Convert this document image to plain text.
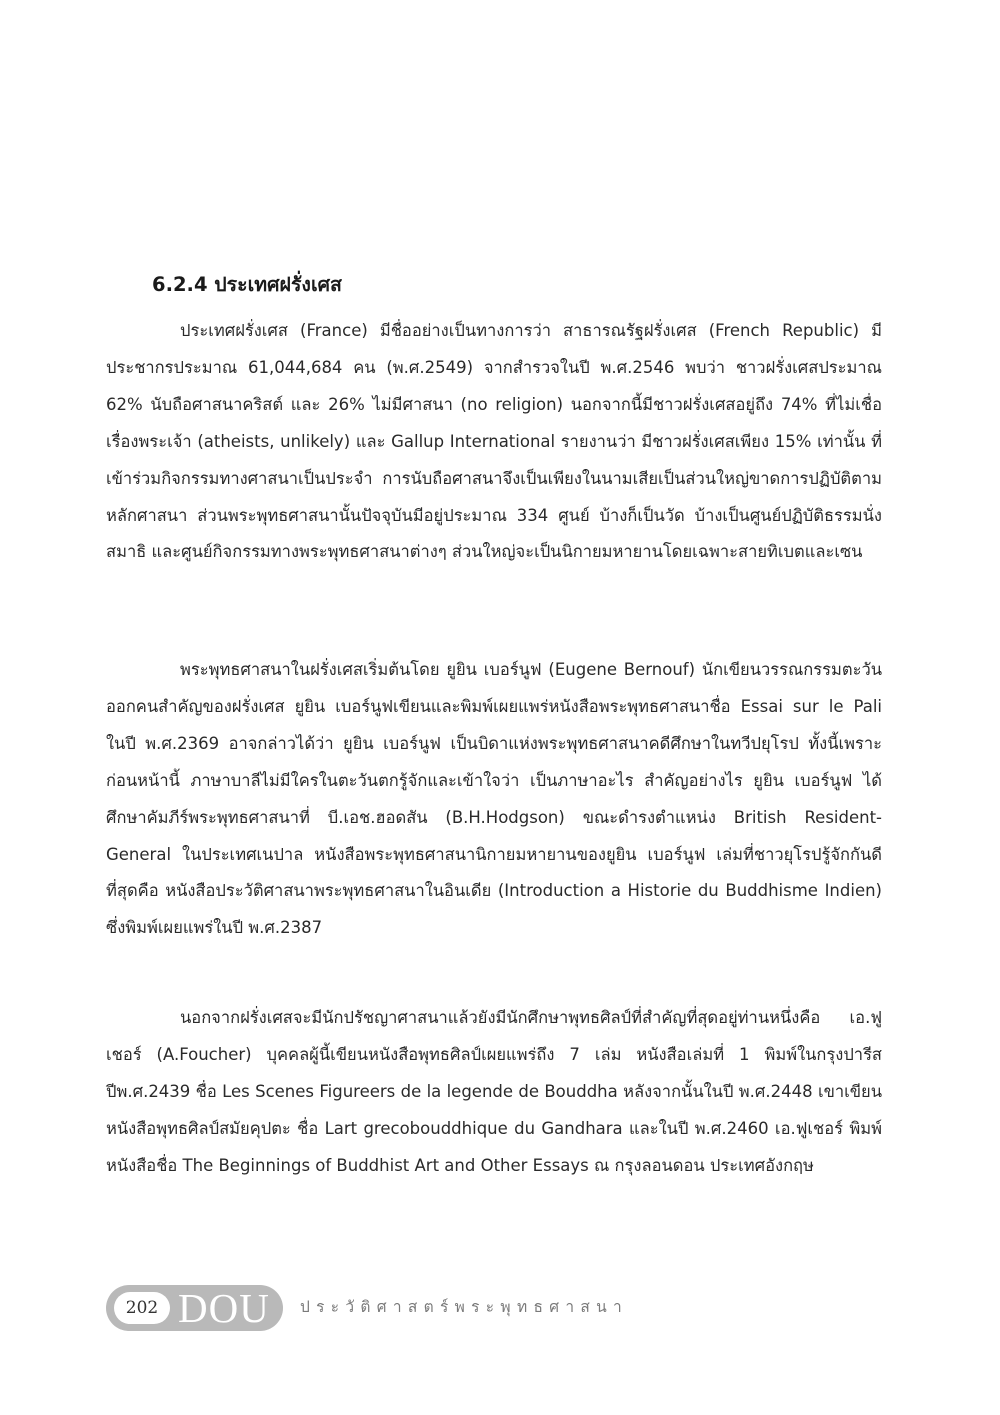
6.2.4 ประเทศฝรั่งเศส

ประเทศฝรั่งเศส (France) มีชื่ออย่างเป็นทางการว่า สาธารณรัฐฝรั่งเศส (French Republic) มีประชากรประมาณ 61,044,684 คน (พ.ศ.2549) จากสำรวจในปี พ.ศ.2546 พบว่า ชาวฝรั่งเศสประมาณ 62% นับถือศาสนาคริสต์ และ 26% ไม่มีศาสนา (no religion) นอกจากนี้มีชาวฝรั่งเศสอยู่ถึง 74% ที่ไม่เชื่อเรื่องพระเจ้า (atheists, unlikely) และ Gallup International รายงานว่า มีชาวฝรั่งเศสเพียง 15% เท่านั้น ที่เข้าร่วมกิจกรรมทางศาสนาเป็นประจำ การนับถือศาสนาจึงเป็นเพียงในนามเสียเป็นส่วนใหญ่ขาดการปฏิบัติตามหลักศาสนา ส่วนพระพุทธศาสนานั้นปัจจุบันมีอยู่ประมาณ 334 ศูนย์ บ้างก็เป็นวัด บ้างเป็นศูนย์ปฏิบัติธรรมนั่งสมาธิ และศูนย์กิจกรรมทางพระพุทธศาสนาต่างๆ ส่วนใหญ่จะเป็นนิกายมหายานโดยเฉพาะสายทิเบตและเซน

พระพุทธศาสนาในฝรั่งเศสเริ่มต้นโดย ยูยิน เบอร์นูฟ (Eugene Bernouf) นักเขียนวรรณกรรมตะวันออกคนสำคัญของฝรั่งเศส ยูยิน เบอร์นูฟเขียนและพิมพ์เผยแพร่หนังสือพระพุทธศาสนาชื่อ Essai sur le Pali ในปี พ.ศ.2369 อาจกล่าวได้ว่า ยูยิน เบอร์นูฟ เป็นบิดาแห่งพระพุทธศาสนาคดีศึกษาในทวีปยุโรป ทั้งนี้เพราะก่อนหน้านี้ ภาษาบาลีไม่มีใครในตะวันตกรู้จักและเข้าใจว่า เป็นภาษาอะไร สำคัญอย่างไร ยูยิน เบอร์นูฟ ได้ศึกษาคัมภีร์พระพุทธศาสนาที่ บี.เอช.ฮอดสัน (B.H.Hodgson) ขณะดำรงตำแหน่ง British Resident-General ในประเทศเนปาล หนังสือพระพุทธศาสนานิกายมหายานของยูยิน เบอร์นูฟ เล่มที่ชาวยุโรปรู้จักกันดีที่สุดคือ หนังสือประวัติศาสนาพระพุทธศาสนาในอินเดีย (Introduction a Historie du Buddhisme Indien) ซึ่งพิมพ์เผยแพร่ในปี พ.ศ.2387

นอกจากฝรั่งเศสจะมีนักปรัชญาศาสนาแล้วยังมีนักศึกษาพุทธศิลป์ที่สำคัญที่สุดอยู่ท่านหนึ่งคือ เอ.ฟูเชอร์ (A.Foucher) บุคคลผู้นี้เขียนหนังสือพุทธศิลป์เผยแพร่ถึง 7 เล่ม หนังสือเล่มที่ 1 พิมพ์ในกรุงปารีส ปีพ.ศ.2439 ชื่อ Les Scenes Figureers de la legende de Bouddha หลังจากนั้นในปี พ.ศ.2448 เขาเขียนหนังสือพุทธศิลป์สมัยคุปตะ ชื่อ Lart grecobouddhique du Gandhara และในปี พ.ศ.2460 เอ.ฟูเชอร์ พิมพ์หนังสือชื่อ The Beginnings of Buddhist Art and Other Essays ณ กรุงลอนดอน ประเทศอังกฤษ

202 DOU ประวัติศาสตร์พระพุทธศาสนา
